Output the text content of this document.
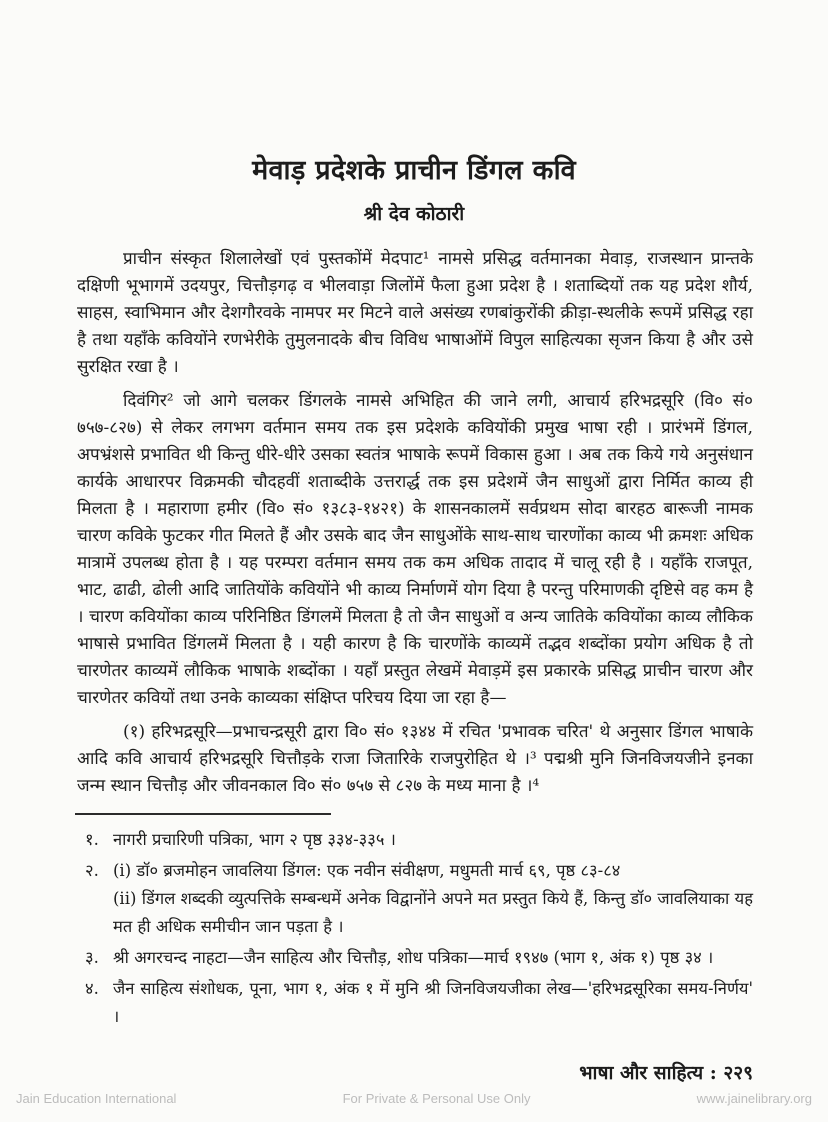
मेवाड़ प्रदेशके प्राचीन डिंगल कवि
श्री देव कोठारी

प्राचीन संस्कृत शिलालेखों एवं पुस्तकोंमें मेदपाट¹ नामसे प्रसिद्ध वर्तमानका मेवाड़, राजस्थान प्रान्तके दक्षिणी भूभागमें उदयपुर, चित्तौड़गढ़ व भीलवाड़ा जिलोंमें फैला हुआ प्रदेश है । शताब्दियों तक यह प्रदेश शौर्य, साहस, स्वाभिमान और देशगौरवके नामपर मर मिटने वाले असंख्य रणबांकुरोंकी क्रीड़ा-स्थलीके रूपमें प्रसिद्ध रहा है तथा यहाँके कवियोंने रणभेरीके तुमुलनादके बीच विविध भाषाओंमें विपुल साहित्यका सृजन किया है और उसे सुरक्षित रखा है ।

दिवंगिर² जो आगे चलकर डिंगलके नामसे अभिहित की जाने लगी, आचार्य हरिभद्रसूरि (वि० सं० ७५७-८२७) से लेकर लगभग वर्तमान समय तक इस प्रदेशके कवियोंकी प्रमुख भाषा रही । प्रारंभमें डिंगल, अपभ्रंशसे प्रभावित थी किन्तु धीरे-धीरे उसका स्वतंत्र भाषाके रूपमें विकास हुआ । अब तक किये गये अनुसंधान कार्यके आधारपर विक्रमकी चौदहवीं शताब्दीके उत्तरार्द्ध तक इस प्रदेशमें जैन साधुओं द्वारा निर्मित काव्य ही मिलता है । महाराणा हमीर (वि० सं० १३८३-१४२१) के शासनकालमें सर्वप्रथम सोदा बारहठ बारूजी नामक चारण कविके फुटकर गीत मिलते हैं और उसके बाद जैन साधुओंके साथ-साथ चारणोंका काव्य भी क्रमशः अधिक मात्रामें उपलब्ध होता है । यह परम्परा वर्तमान समय तक कम अधिक तादाद में चालू रही है । यहाँके राजपूत, भाट, ढाढी, ढोली आदि जातियोंके कवियोंने भी काव्य निर्माणमें योग दिया है परन्तु परिमाणकी दृष्टिसे वह कम है । चारण कवियोंका काव्य परिनिष्ठित डिंगलमें मिलता है तो जैन साधुओं व अन्य जातिके कवियोंका काव्य लौकिक भाषासे प्रभावित डिंगलमें मिलता है । यही कारण है कि चारणोंके काव्यमें तद्भव शब्दोंका प्रयोग अधिक है तो चारणेतर काव्यमें लौकिक भाषाके शब्दोंका । यहाँ प्रस्तुत लेखमें मेवाड़में इस प्रकारके प्रसिद्ध प्राचीन चारण और चारणेतर कवियों तथा उनके काव्यका संक्षिप्त परिचय दिया जा रहा है—

(१) हरिभद्रसूरि—प्रभाचन्द्रसूरी द्वारा वि० सं० १३४४ में रचित 'प्रभावक चरित' थे अनुसार डिंगल भाषाके आदि कवि आचार्य हरिभद्रसूरि चित्तौड़के राजा जितारिके राजपुरोहित थे ।³ पद्मश्री मुनि जिनविजयजीने इनका जन्म स्थान चित्तौड़ और जीवनकाल वि० सं० ७५७ से ८२७ के मध्य माना है ।⁴

१. नागरी प्रचारिणी पत्रिका, भाग २ पृष्ठ ३३४-३३५ ।
२. (i) डॉ० ब्रजमोहन जावलिया डिंगल: एक नवीन संवीक्षण, मधुमती मार्च ६९, पृष्ठ ८३-८४
(ii) डिंगल शब्दकी व्युत्पत्तिके सम्बन्धमें अनेक विद्वानोंने अपने मत प्रस्तुत किये हैं, किन्तु डॉ० जावलियाका यह मत ही अधिक समीचीन जान पड़ता है ।
३. श्री अगरचन्द नाहटा—जैन साहित्य और चित्तौड़, शोध पत्रिका—मार्च १९४७ (भाग १, अंक १) पृष्ठ ३४ ।
४. जैन साहित्य संशोधक, पूना, भाग १, अंक १ में मुनि श्री जिनविजयजीका लेख—'हरिभद्रसूरिका समय-निर्णय' ।
भाषा और साहित्य : २२९
Jain Education International	For Private & Personal Use Only	www.jainelibrary.org
